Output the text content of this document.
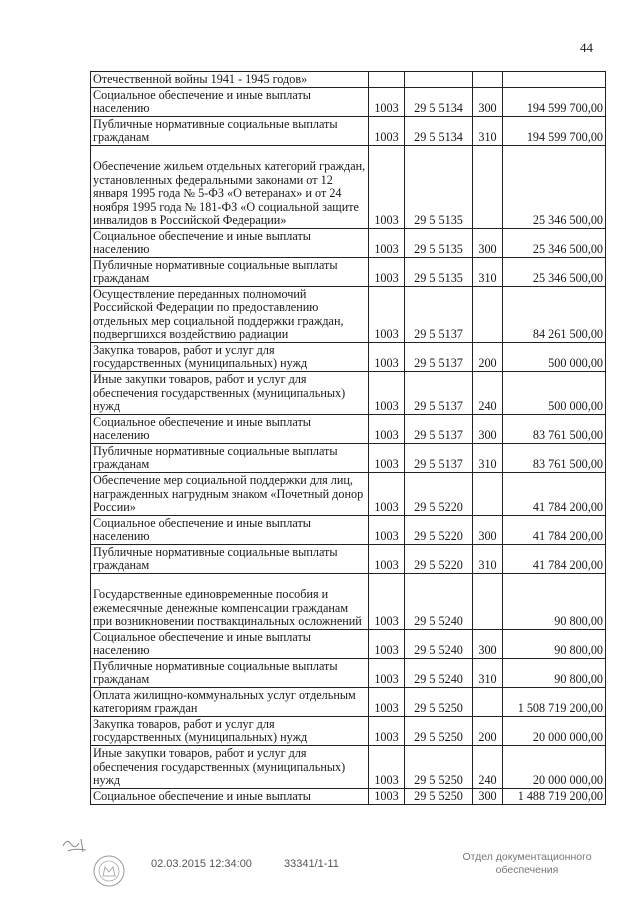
44
Отечественной войны 1941 - 1945 годов»				
Социальное обеспечение и иные выплаты населению	1003	29 5 5134	300	194 599 700,00
Публичные нормативные социальные выплаты гражданам	1003	29 5 5134	310	194 599 700,00
Обеспечение жильем отдельных категорий граждан, установленных федеральными законами от 12 января 1995 года № 5-ФЗ «О ветеранах» и от 24 ноября 1995 года № 181-ФЗ «О социальной защите инвалидов в Российской Федерации»	1003	29 5 5135		25 346 500,00
Социальное обеспечение и иные выплаты населению	1003	29 5 5135	300	25 346 500,00
Публичные нормативные социальные выплаты гражданам	1003	29 5 5135	310	25 346 500,00
Осуществление переданных полномочий Российской Федерации по предоставлению отдельных мер социальной поддержки граждан, подвергшихся воздействию радиации	1003	29 5 5137		84 261 500,00
Закупка товаров, работ и услуг для государственных (муниципальных) нужд	1003	29 5 5137	200	500 000,00
Иные закупки товаров, работ и услуг для обеспечения государственных (муниципальных) нужд	1003	29 5 5137	240	500 000,00
Социальное обеспечение и иные выплаты населению	1003	29 5 5137	300	83 761 500,00
Публичные нормативные социальные выплаты гражданам	1003	29 5 5137	310	83 761 500,00
Обеспечение мер социальной поддержки для лиц, награжденных нагрудным знаком «Почетный донор России»	1003	29 5 5220		41 784 200,00
Социальное обеспечение и иные выплаты населению	1003	29 5 5220	300	41 784 200,00
Публичные нормативные социальные выплаты гражданам	1003	29 5 5220	310	41 784 200,00
Государственные единовременные пособия и ежемесячные денежные компенсации гражданам при возникновении поствакцинальных осложнений	1003	29 5 5240		90 800,00
Социальное обеспечение и иные выплаты населению	1003	29 5 5240	300	90 800,00
Публичные нормативные социальные выплаты гражданам	1003	29 5 5240	310	90 800,00
Оплата жилищно-коммунальных услуг отдельным категориям граждан	1003	29 5 5250		1 508 719 200,00
Закупка товаров, работ и услуг для государственных (муниципальных) нужд	1003	29 5 5250	200	20 000 000,00
Иные закупки товаров, работ и услуг для обеспечения государственных (муниципальных) нужд	1003	29 5 5250	240	20 000 000,00
Социальное обеспечение и иные выплаты	1003	29 5 5250	300	1 488 719 200,00
02.03.2015 12:34:00	33341/1-11
Отдел документационного обеспечения
